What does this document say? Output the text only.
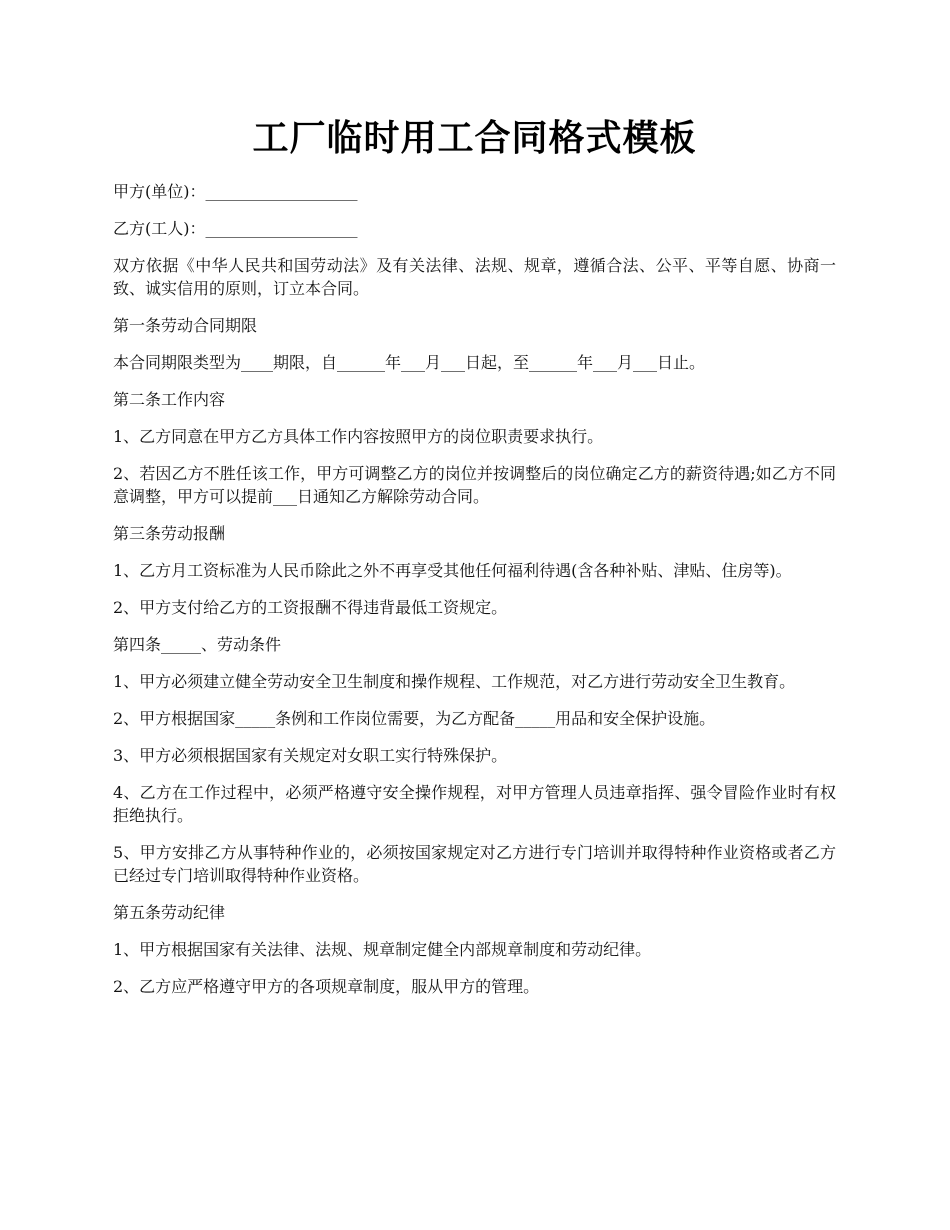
工厂临时用工合同格式模板

甲方(单位)：___________________

乙方(工人)：___________________

双方依据《中华人民共和国劳动法》及有关法律、法规、规章，遵循合法、公平、平等自愿、协商一致、诚实信用的原则，订立本合同。

第一条劳动合同期限

本合同期限类型为____期限，自______年___月___日起，至______年___月___日止。

第二条工作内容

1、乙方同意在甲方乙方具体工作内容按照甲方的岗位职责要求执行。

2、若因乙方不胜任该工作，甲方可调整乙方的岗位并按调整后的岗位确定乙方的薪资待遇;如乙方不同意调整，甲方可以提前___日通知乙方解除劳动合同。

第三条劳动报酬

1、乙方月工资标准为人民币除此之外不再享受其他任何福利待遇(含各种补贴、津贴、住房等)。

2、甲方支付给乙方的工资报酬不得违背最低工资规定。

第四条_____、劳动条件

1、甲方必须建立健全劳动安全卫生制度和操作规程、工作规范，对乙方进行劳动安全卫生教育。

2、甲方根据国家_____条例和工作岗位需要，为乙方配备_____用品和安全保护设施。

3、甲方必须根据国家有关规定对女职工实行特殊保护。

4、乙方在工作过程中，必须严格遵守安全操作规程，对甲方管理人员违章指挥、强令冒险作业时有权拒绝执行。

5、甲方安排乙方从事特种作业的，必须按国家规定对乙方进行专门培训并取得特种作业资格或者乙方已经过专门培训取得特种作业资格。

第五条劳动纪律

1、甲方根据国家有关法律、法规、规章制定健全内部规章制度和劳动纪律。

2、乙方应严格遵守甲方的各项规章制度，服从甲方的管理。
